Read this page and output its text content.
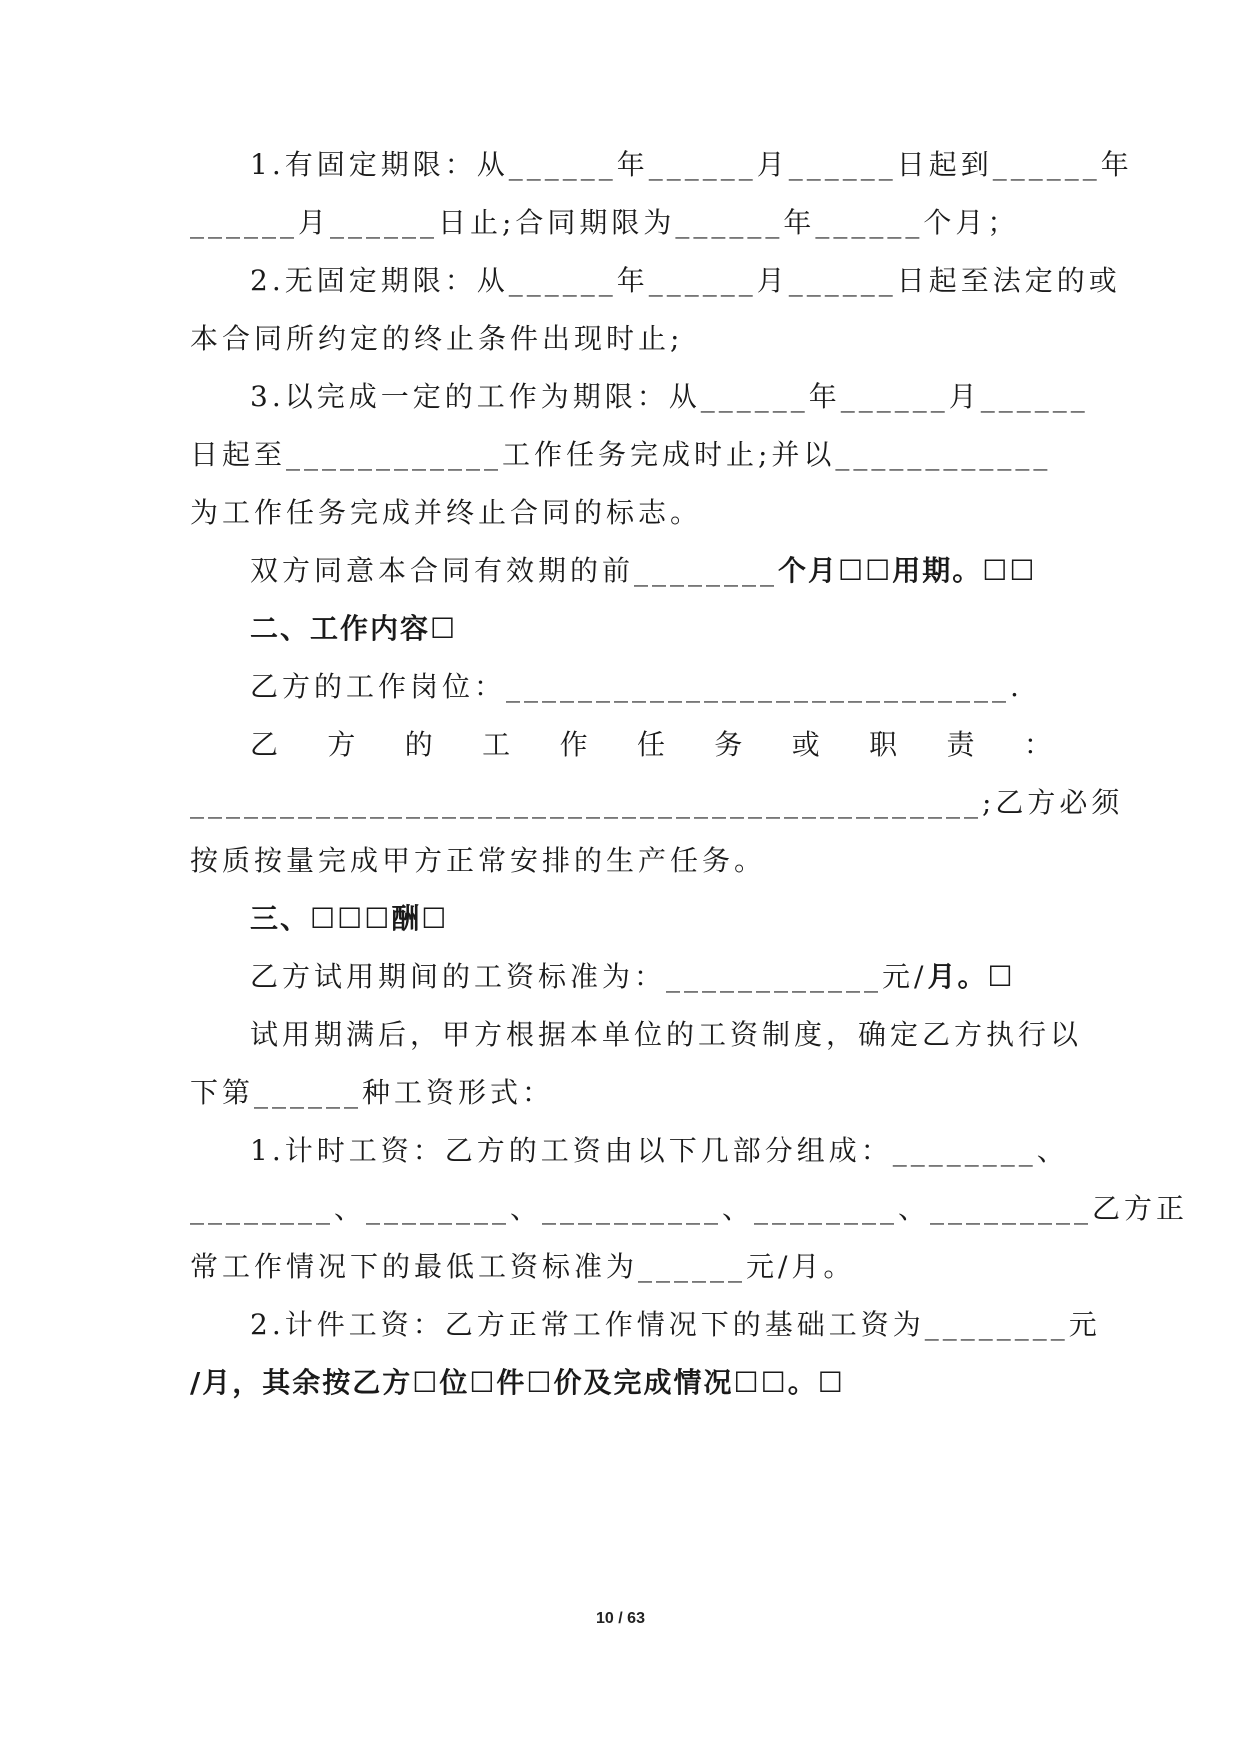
1.有固定期限：从______年______月______日起到______年
______月______日止;合同期限为______年______个月；
2.无固定期限：从______年______月______日起至法定的或
本合同所约定的终止条件出现时止;
3.以完成一定的工作为期限：从______年______月______
日起至____________工作任务完成时止;并以____________
为工作任务完成并终止合同的标志。
双方同意本合同有效期的前________个月☐☐用期。☐☐
二、工作内容☐
乙方的工作岗位：____________________________.
乙 方 的 工 作 任 务 或 职 责 ：
____________________________________________;乙方必须
按质按量完成甲方正常安排的生产任务。
三、☐☐☐酬☐
乙方试用期间的工资标准为：____________元/月。☐
试用期满后，甲方根据本单位的工资制度，确定乙方执行以
下第______种工资形式：
1.计时工资：乙方的工资由以下几部分组成：________、
________、________、__________、________、_________乙方正
常工作情况下的最低工资标准为______元/月。
2.计件工资：乙方正常工作情况下的基础工资为________元
/月，其余按乙方☐位☐件☐价及完成情况☐☐。☐
10 / 63
